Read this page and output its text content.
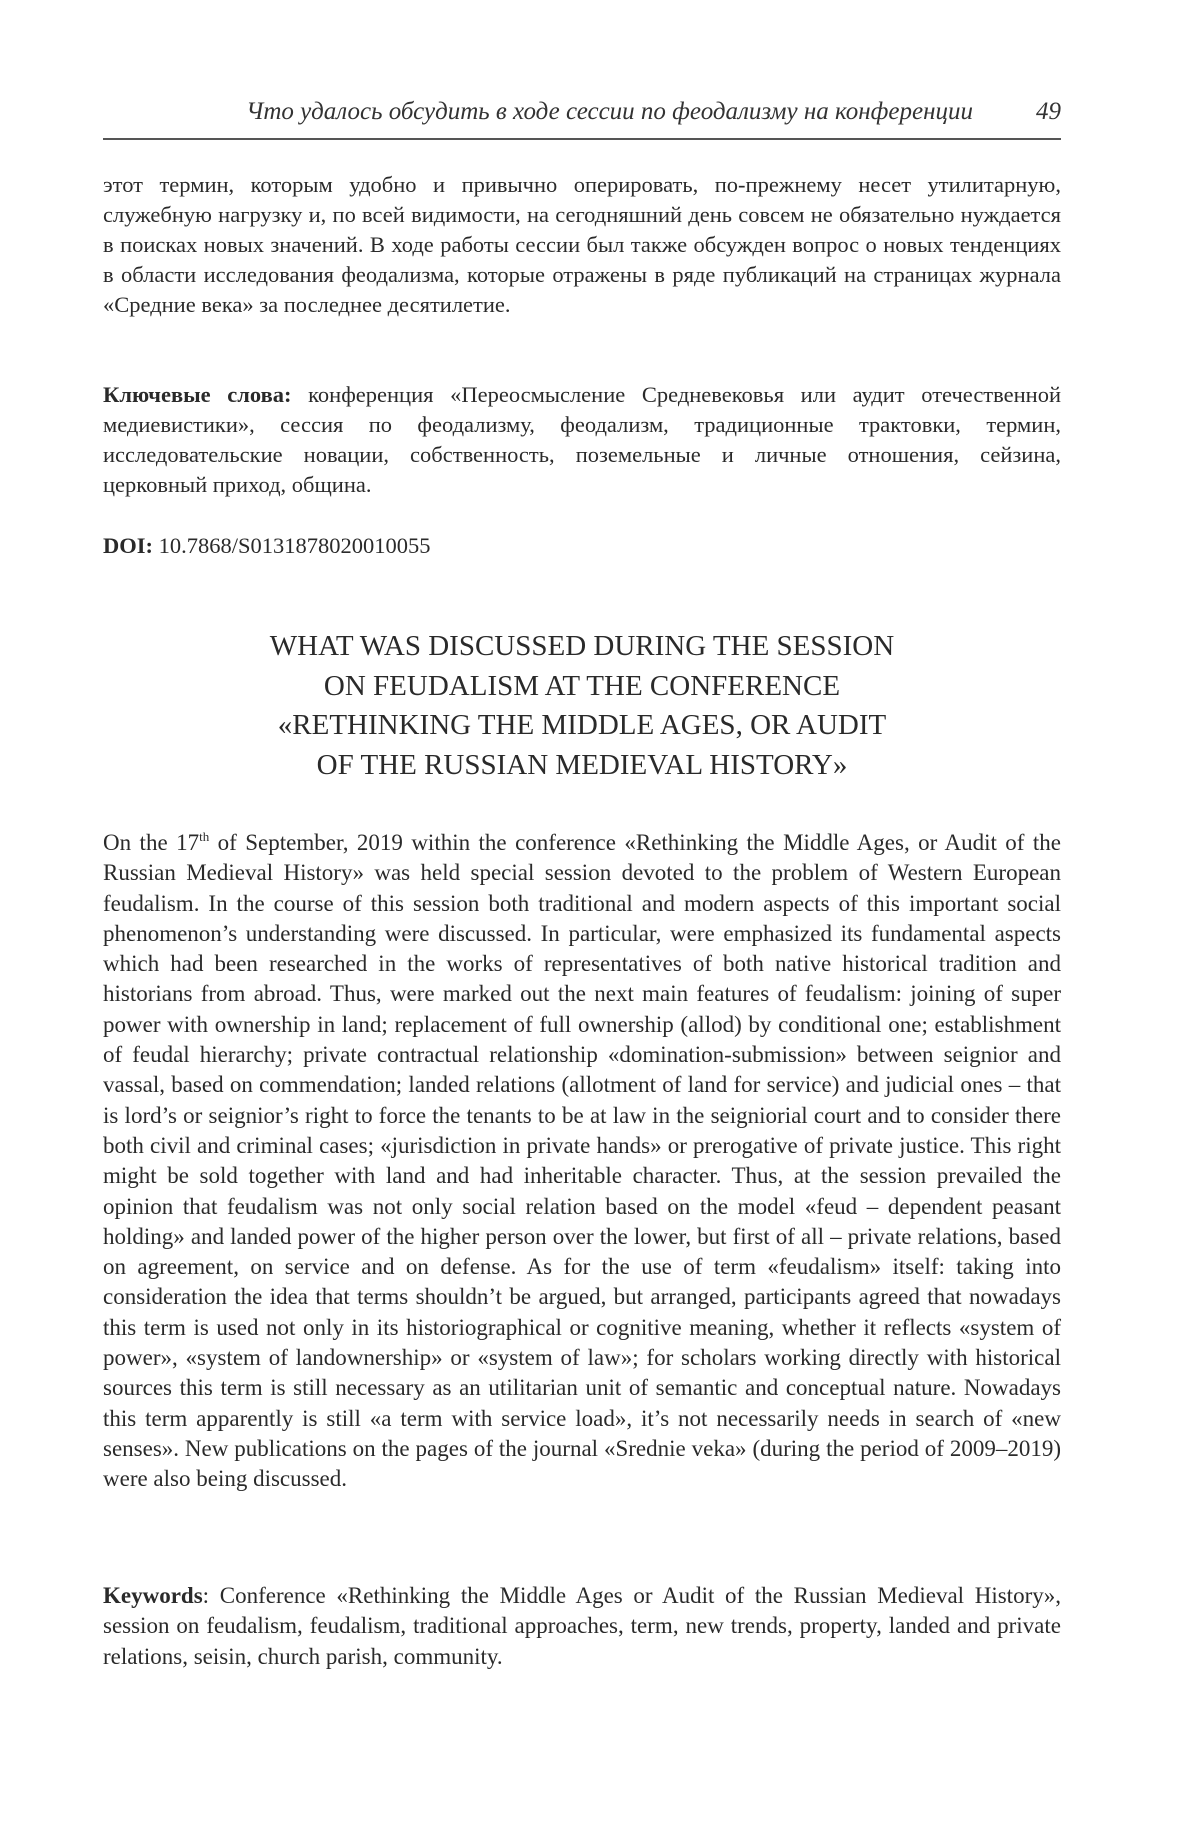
Что удалось обсудить в ходе сессии по феодализму на конференции	49

этот термин, которым удобно и привычно оперировать, по-прежнему несет утилитарную, служебную нагрузку и, по всей видимости, на сегодняшний день совсем не обязательно нуждается в поисках новых значений. В ходе работы сессии был также обсужден вопрос о новых тенденциях в области исследования феодализма, которые отражены в ряде публикаций на страницах журнала «Средние века» за последнее десятилетие.

Ключевые слова: конференция «Переосмысление Средневековья или аудит отечественной медиевистики», сессия по феодализму, феодализм, традиционные трактовки, термин, исследовательские новации, собственность, поземельные и личные отношения, сейзина, церковный приход, община.

DOI: 10.7868/S0131878020010055

WHAT WAS DISCUSSED DURING THE SESSION
ON FEUDALISM AT THE CONFERENCE
«RETHINKING THE MIDDLE AGES, OR AUDIT
OF THE RUSSIAN MEDIEVAL HISTORY»

On the 17th of September, 2019 within the conference «Rethinking the Middle Ages, or Audit of the Russian Medieval History» was held special session devoted to the problem of Western European feudalism. In the course of this session both traditional and modern aspects of this important social phenomenon’s understanding were discussed. In particular, were emphasized its fundamental aspects which had been researched in the works of representatives of both native historical tradition and historians from abroad. Thus, were marked out the next main features of feudalism: joining of super power with ownership in land; replacement of full ownership (allod) by conditional one; establishment of feudal hierarchy; private contractual relationship «domination-submission» between seignior and vassal, based on commendation; landed relations (allotment of land for service) and judicial ones – that is lord’s or seignior’s right to force the tenants to be at law in the seigniorial court and to consider there both civil and criminal cases; «jurisdiction in private hands» or prerogative of private justice. This right might be sold together with land and had inheritable character. Thus, at the session prevailed the opinion that feudalism was not only social relation based on the model «feud – dependent peasant holding» and landed power of the higher person over the lower, but first of all – private relations, based on agreement, on service and on defense. As for the use of term «feudalism» itself: taking into consideration the idea that terms shouldn’t be argued, but arranged, participants agreed that nowadays this term is used not only in its historiographical or cognitive meaning, whether it reflects «system of power», «system of landownership» or «system of law»; for scholars working directly with historical sources this term is still necessary as an utilitarian unit of semantic and conceptual nature. Nowadays this term apparently is still «a term with service load», it’s not necessarily needs in search of «new senses». New publications on the pages of the journal «Srednie veka» (during the period of 2009–2019) were also being discussed.

Keywords: Conference «Rethinking the Middle Ages or Audit of the Russian Medieval History», session on feudalism, feudalism, traditional approaches, term, new trends, property, landed and private relations, seisin, church parish, community.
